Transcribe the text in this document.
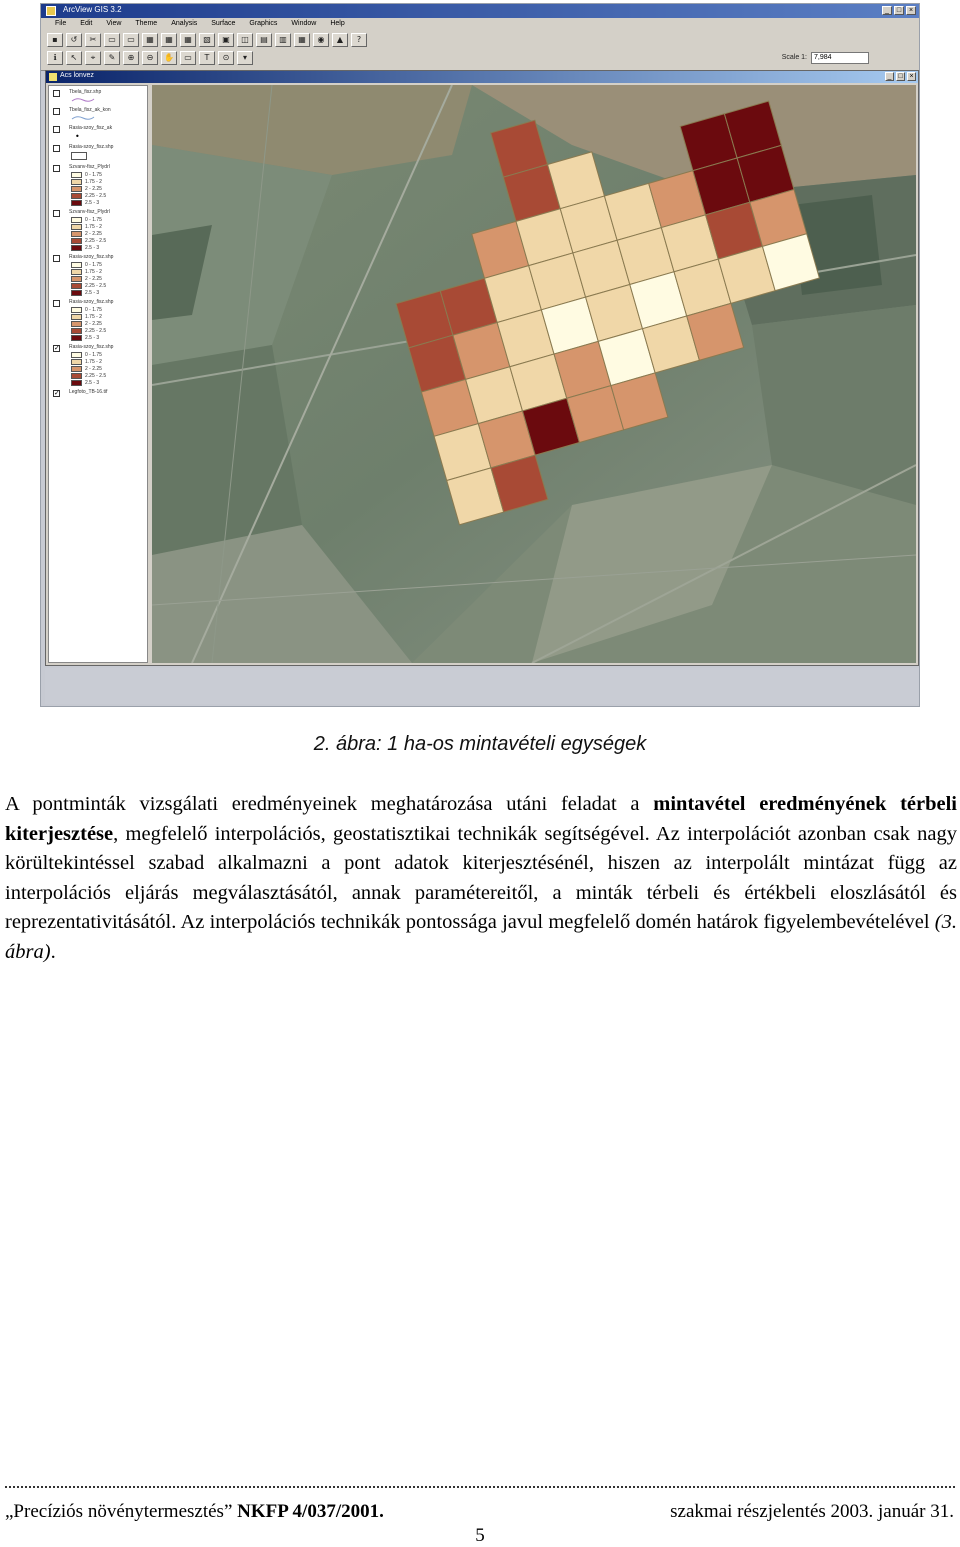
ArcView GIS 3.2	_	□	×
File Edit View Theme Analysis Surface Graphics Window Help
▪	↺	✂	▭	▭	▦	▦	▦	▧	▣	◫	▤	▥	▦	◉	▲	?
ℹ	↖	⌖	✎	⊕	⊖	✋	▭	T	⊙	▾	Scale 1:	7,984
Acs lonvez	_ □ ×
Tbela_fisz.shp
Tbela_fisz_ak_kon
Rasia-szoy_fisz_ak
•
Rasia-szoy_fisz.shp
Szvanv-fisz_Plydrl
0 - 1.75
1.75 - 2
2 - 2.25
2.25 - 2.5
2.5 - 3
Szvanv-fisz_Plydrl
0 - 1.75
1.75 - 2
2 - 2.25
2.25 - 2.5
2.5 - 3
Rasia-szoy_fisz.shp
0 - 1.75
1.75 - 2
2 - 2.25
2.25 - 2.5
2.5 - 3
Rasia-szoy_fisz.shp
0 - 1.75
1.75 - 2
2 - 2.25
2.25 - 2.5
2.5 - 3
✓ Rasia-szoy_fisz.shp
0 - 1.75
1.75 - 2
2 - 2.25
2.25 - 2.5
2.5 - 3
✓ Legfoto_TB-16.tif
2. ábra: 1 ha-os mintavételi egységek
A pontminták vizsgálati eredményeinek meghatározása utáni feladat a mintavétel eredményének térbeli kiterjesztése, megfelelő interpolációs, geostatisztikai technikák segítségével. Az interpolációt azonban csak nagy körültekintéssel szabad alkalmazni a pont adatok kiterjesztésénél, hiszen az interpolált mintázat függ az interpolációs eljárás megválasztásától, annak paramétereitől, a minták térbeli és értékbeli eloszlásától és reprezentativitásától. Az interpolációs technikák pontossága javul megfelelő domén határok figyelembevételével (3. ábra).
„Precíziós növénytermesztés” NKFP 4/037/2001.	szakmai részjelentés 2003. január 31.
5
